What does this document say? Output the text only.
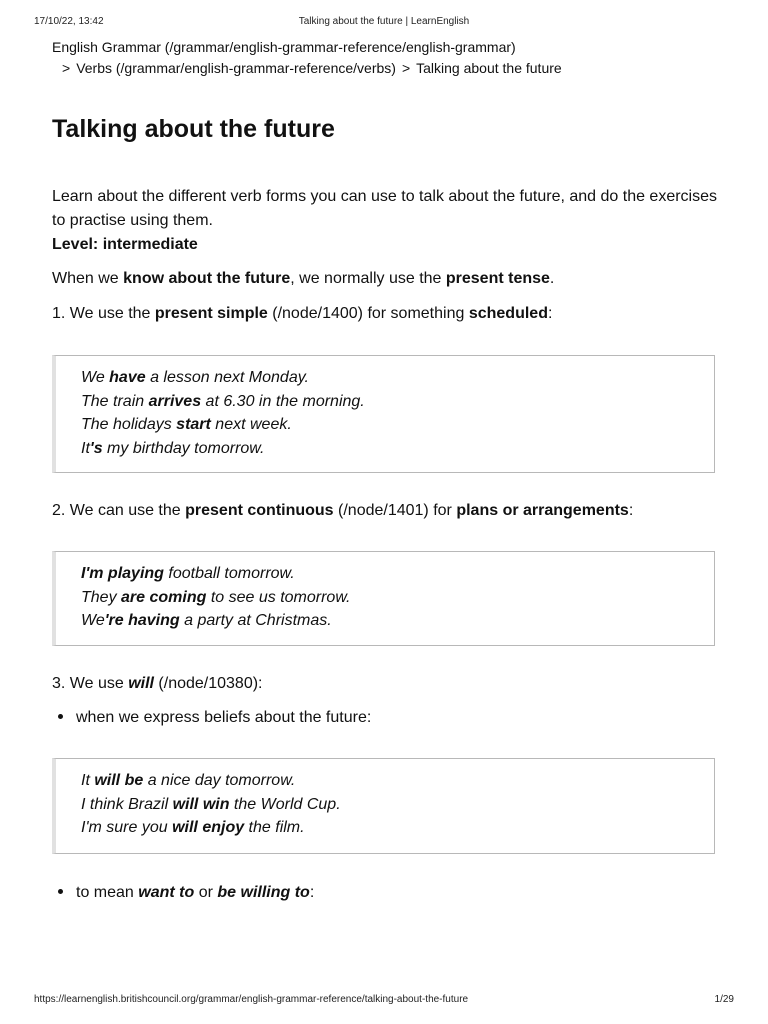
17/10/22, 13:42	Talking about the future | LearnEnglish
English Grammar (/grammar/english-grammar-reference/english-grammar)
> Verbs (/grammar/english-grammar-reference/verbs) > Talking about the future
Talking about the future
Learn about the different verb forms you can use to talk about the future, and do the exercises to practise using them.
Level: intermediate

When we know about the future, we normally use the present tense.

1. We use the present simple (/node/1400) for something scheduled:

We have a lesson next Monday.
The train arrives at 6.30 in the morning.
The holidays start next week.
It's my birthday tomorrow.

2. We can use the present continuous (/node/1401) for plans or arrangements:

I'm playing football tomorrow.
They are coming to see us tomorrow.
We're having a party at Christmas.

3. We use will (/node/10380):

when we express beliefs about the future:
It will be a nice day tomorrow.
I think Brazil will win the World Cup.
I'm sure you will enjoy the film.
to mean want to or be willing to:
https://learnenglish.britishcouncil.org/grammar/english-grammar-reference/talking-about-the-future	1/29
